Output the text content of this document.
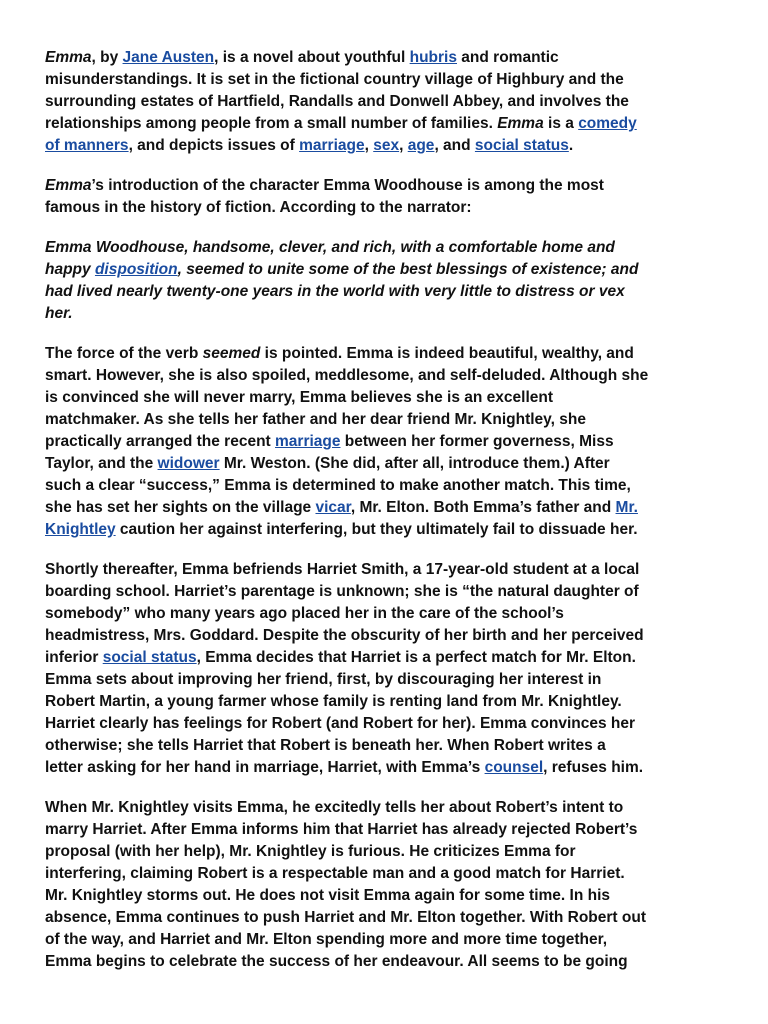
Emma, by Jane Austen, is a novel about youthful hubris and romantic
misunderstandings. It is set in the fictional country village of Highbury and the
surrounding estates of Hartfield, Randalls and Donwell Abbey, and involves the
relationships among people from a small number of families. Emma is a comedy
of manners, and depicts issues of marriage, sex, age, and social status.

Emma’s introduction of the character Emma Woodhouse is among the most
famous in the history of fiction. According to the narrator:

Emma Woodhouse, handsome, clever, and rich, with a comfortable home and
happy disposition, seemed to unite some of the best blessings of existence; and
had lived nearly twenty-one years in the world with very little to distress or vex
her.

The force of the verb seemed is pointed. Emma is indeed beautiful, wealthy, and
smart. However, she is also spoiled, meddlesome, and self-deluded. Although she
is convinced she will never marry, Emma believes she is an excellent
matchmaker. As she tells her father and her dear friend Mr. Knightley, she
practically arranged the recent marriage between her former governess, Miss
Taylor, and the widower Mr. Weston. (She did, after all, introduce them.) After
such a clear “success,” Emma is determined to make another match. This time,
she has set her sights on the village vicar, Mr. Elton. Both Emma’s father and Mr.
Knightley caution her against interfering, but they ultimately fail to dissuade her.

Shortly thereafter, Emma befriends Harriet Smith, a 17-year-old student at a local
boarding school. Harriet’s parentage is unknown; she is “the natural daughter of
somebody” who many years ago placed her in the care of the school’s
headmistress, Mrs. Goddard. Despite the obscurity of her birth and her perceived
inferior social status, Emma decides that Harriet is a perfect match for Mr. Elton.
Emma sets about improving her friend, first, by discouraging her interest in
Robert Martin, a young farmer whose family is renting land from Mr. Knightley.
Harriet clearly has feelings for Robert (and Robert for her). Emma convinces her
otherwise; she tells Harriet that Robert is beneath her. When Robert writes a
letter asking for her hand in marriage, Harriet, with Emma’s counsel, refuses him.

When Mr. Knightley visits Emma, he excitedly tells her about Robert’s intent to
marry Harriet. After Emma informs him that Harriet has already rejected Robert’s
proposal (with her help), Mr. Knightley is furious. He criticizes Emma for
interfering, claiming Robert is a respectable man and a good match for Harriet.
Mr. Knightley storms out. He does not visit Emma again for some time. In his
absence, Emma continues to push Harriet and Mr. Elton together. With Robert out
of the way, and Harriet and Mr. Elton spending more and more time together,
Emma begins to celebrate the success of her endeavour. All seems to be going
